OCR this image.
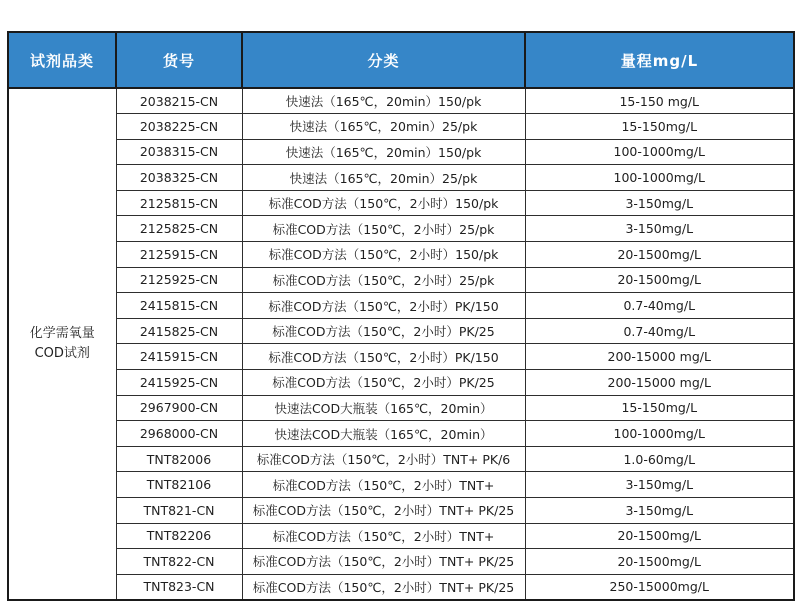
试剂品类	货号	分类	量程mg/L

化学需氧量
COD试剂	2038215-CN	快速法（165℃，20min）150/pk	15-150 mg/L
	2038225-CN	快速法（165℃，20min）25/pk	15-150mg/L
	2038315-CN	快速法（165℃，20min）150/pk	100-1000mg/L
	2038325-CN	快速法（165℃，20min）25/pk	100-1000mg/L
	2125815-CN	标准COD方法（150℃，2小时）150/pk	3-150mg/L
	2125825-CN	标准COD方法（150℃，2小时）25/pk	3-150mg/L
	2125915-CN	标准COD方法（150℃，2小时）150/pk	20-1500mg/L
	2125925-CN	标准COD方法（150℃，2小时）25/pk	20-1500mg/L
	2415815-CN	标准COD方法（150℃，2小时）PK/150	0.7-40mg/L
	2415825-CN	标准COD方法（150℃，2小时）PK/25	0.7-40mg/L
	2415915-CN	标准COD方法（150℃，2小时）PK/150	200-15000 mg/L
	2415925-CN	标准COD方法（150℃，2小时）PK/25	200-15000 mg/L
	2967900-CN	快速法COD大瓶装（165℃，20min）	15-150mg/L
	2968000-CN	快速法COD大瓶装（165℃，20min）	100-1000mg/L
	TNT82006	标准COD方法（150℃，2小时）TNT+ PK/6	1.0-60mg/L
	TNT82106	标准COD方法（150℃，2小时）TNT+	3-150mg/L
	TNT821-CN	标准COD方法（150℃，2小时）TNT+ PK/25	3-150mg/L
	TNT82206	标准COD方法（150℃，2小时）TNT+	20-1500mg/L
	TNT822-CN	标准COD方法（150℃，2小时）TNT+ PK/25	20-1500mg/L
	TNT823-CN	标准COD方法（150℃，2小时）TNT+ PK/25	250-15000mg/L
